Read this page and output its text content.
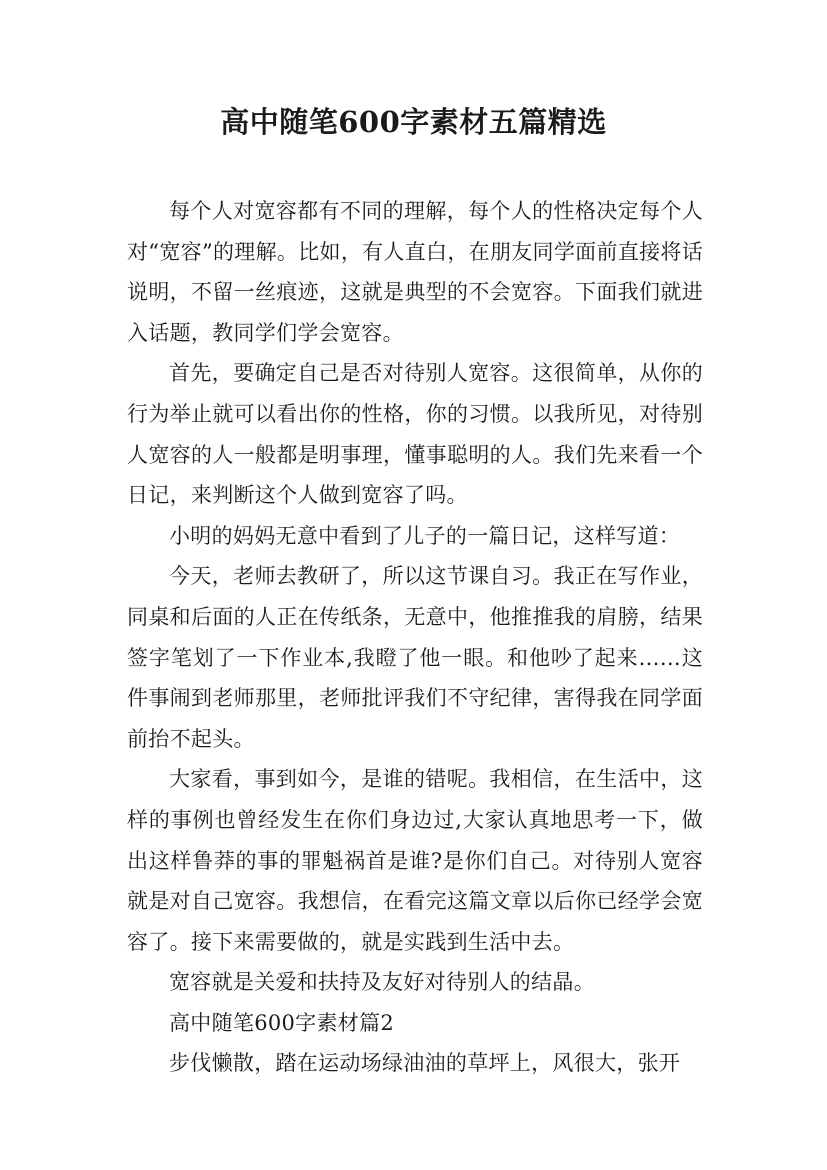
高中随笔600字素材五篇精选

每个人对宽容都有不同的理解，每个人的性格决定每个人对“宽容”的理解。比如，有人直白，在朋友同学面前直接将话说明，不留一丝痕迹，这就是典型的不会宽容。下面我们就进入话题，教同学们学会宽容。

首先，要确定自己是否对待别人宽容。这很简单，从你的行为举止就可以看出你的性格，你的习惯。以我所见，对待别人宽容的人一般都是明事理，懂事聪明的人。我们先来看一个日记，来判断这个人做到宽容了吗。

小明的妈妈无意中看到了儿子的一篇日记，这样写道：

今天，老师去教研了，所以这节课自习。我正在写作业，同桌和后面的人正在传纸条，无意中，他推推我的肩膀，结果签字笔划了一下作业本,我瞪了他一眼。和他吵了起来……这件事闹到老师那里，老师批评我们不守纪律，害得我在同学面前抬不起头。

大家看，事到如今，是谁的错呢。我相信，在生活中，这样的事例也曾经发生在你们身边过,大家认真地思考一下，做出这样鲁莽的事的罪魁祸首是谁?是你们自己。对待别人宽容就是对自己宽容。我想信，在看完这篇文章以后你已经学会宽容了。接下来需要做的，就是实践到生活中去。

宽容就是关爱和扶持及友好对待别人的结晶。

高中随笔600字素材篇2

步伐懒散，踏在运动场绿油油的草坪上，风很大，张开
